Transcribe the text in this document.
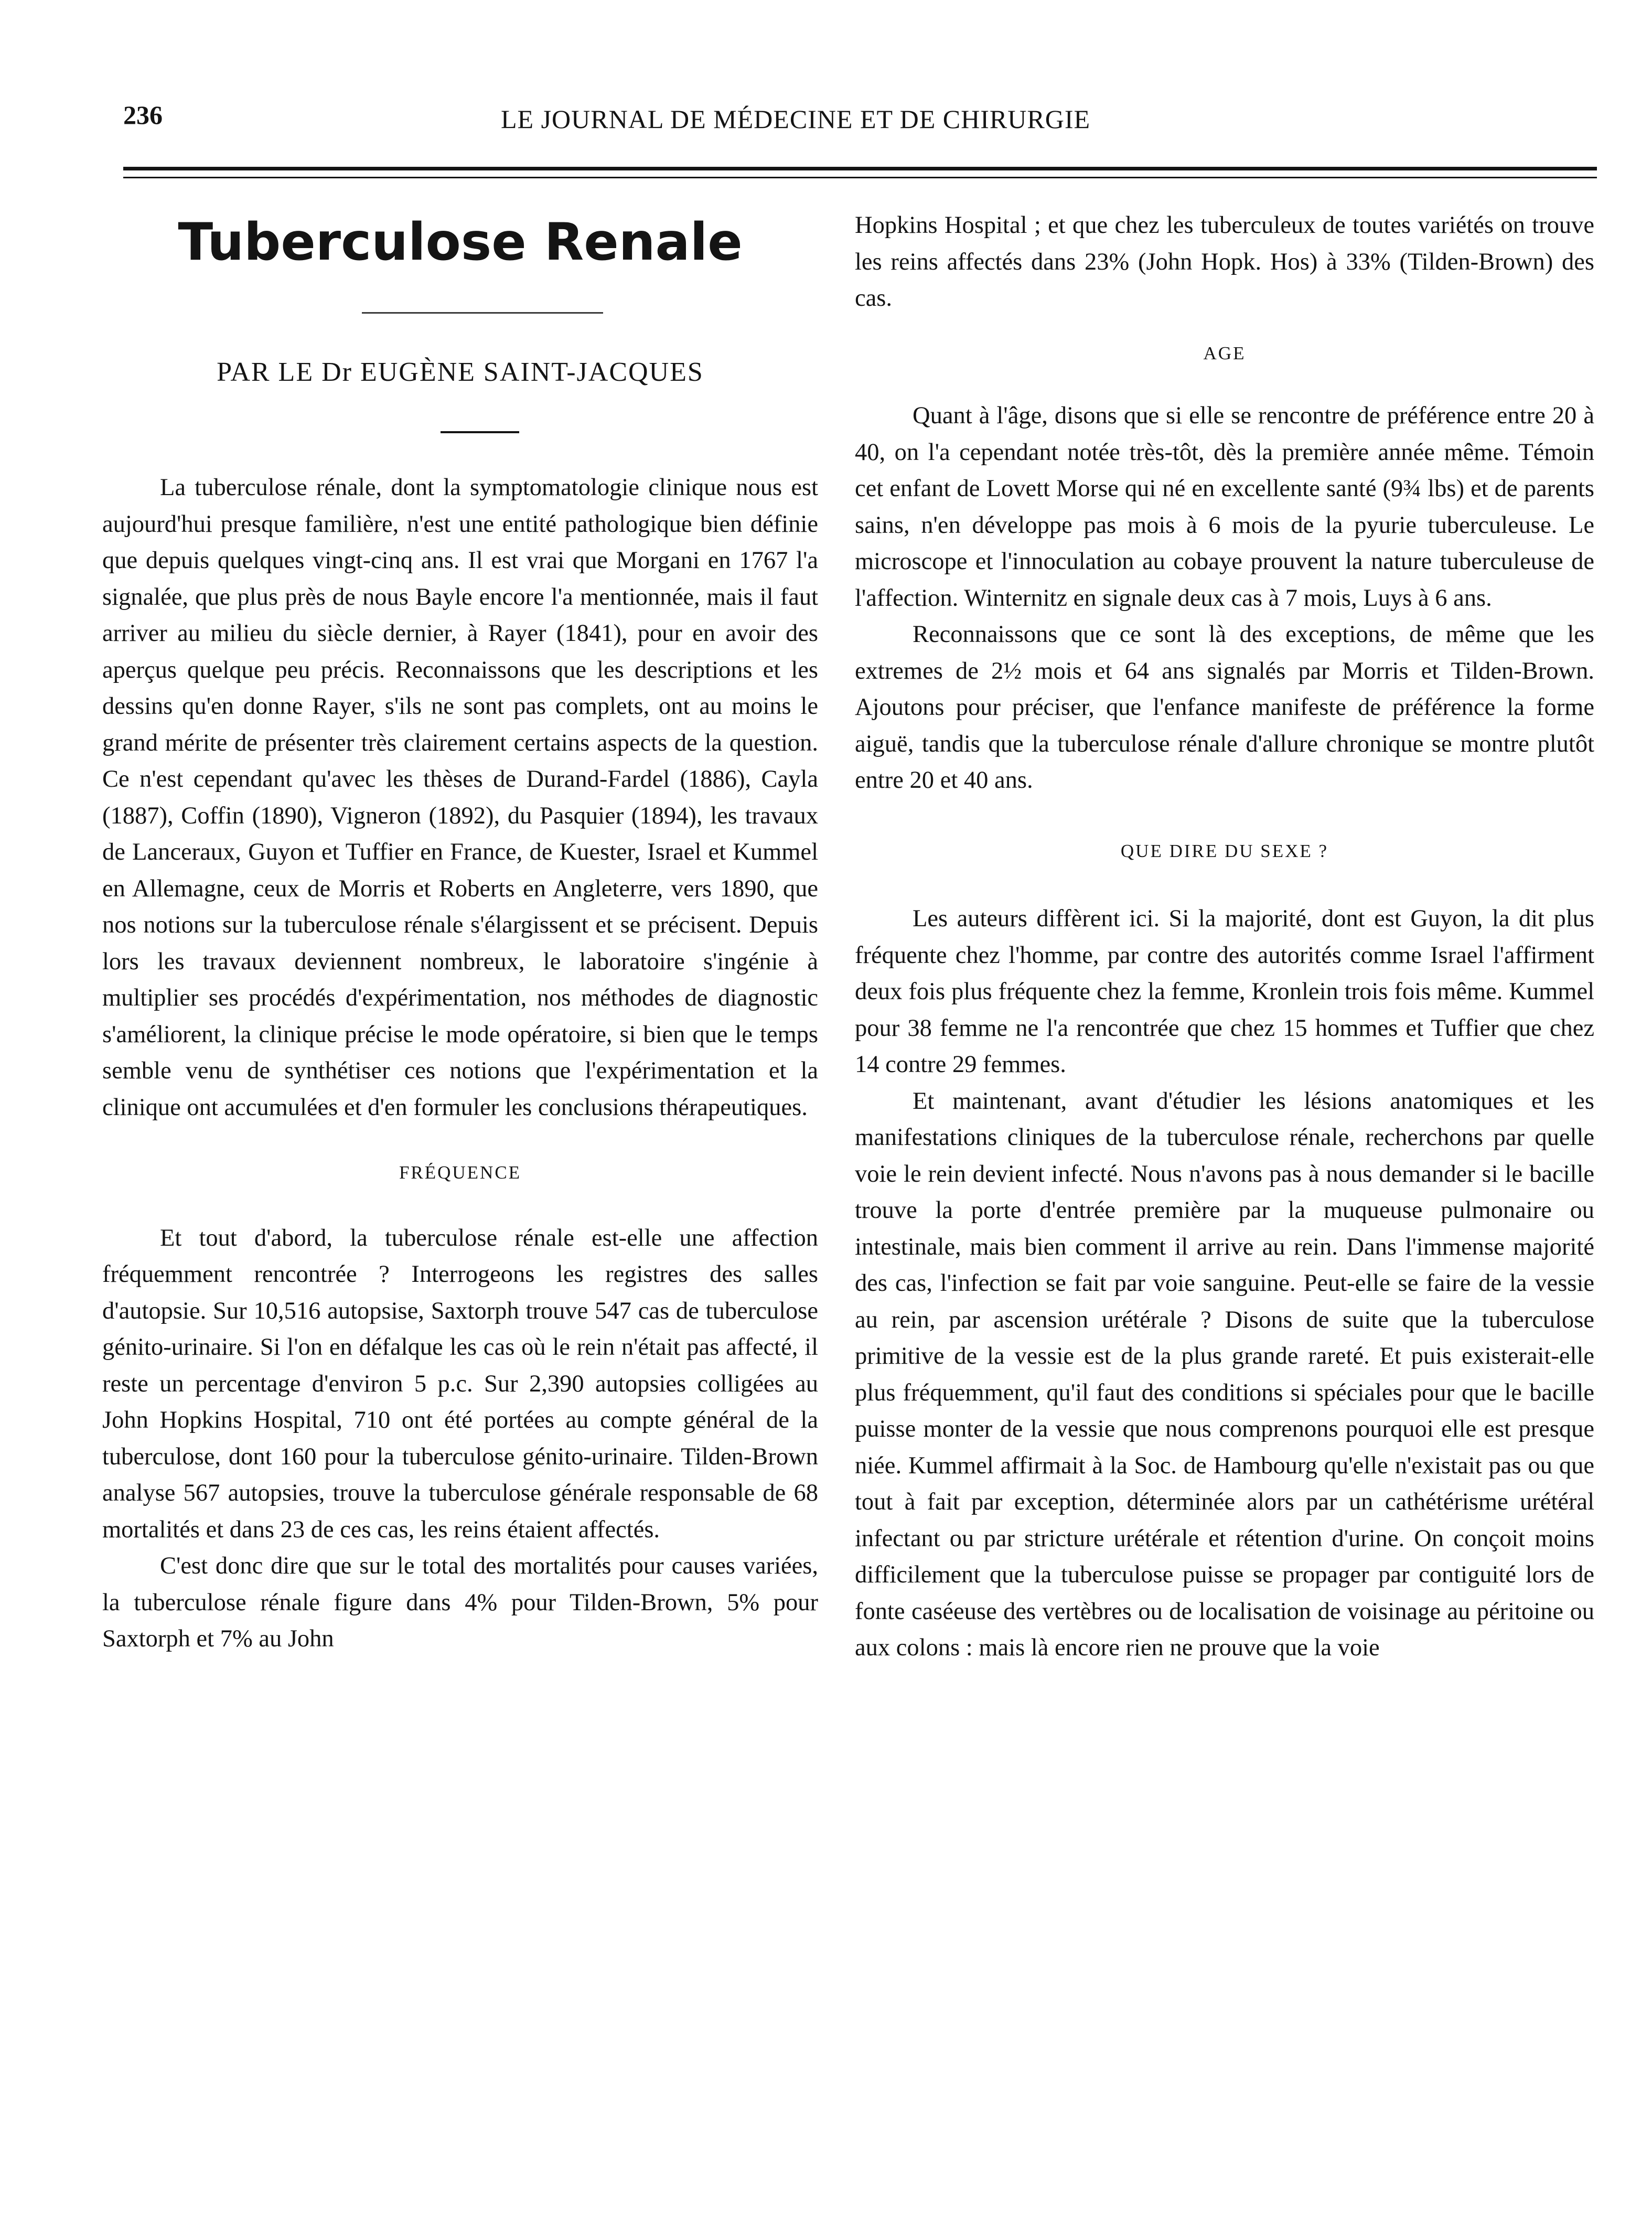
236	LE JOURNAL DE MÉDECINE ET DE CHIRURGIE
Tuberculose Renale
PAR LE Dr EUGÈNE SAINT-JACQUES

La tuberculose rénale, dont la symptomatologie clinique nous est aujourd'hui presque familière, n'est une entité pathologique bien définie que depuis quelques vingt-cinq ans. Il est vrai que Morgani en 1767 l'a signalée, que plus près de nous Bayle encore l'a mentionnée, mais il faut arriver au milieu du siècle dernier, à Rayer (1841), pour en avoir des aperçus quelque peu précis. Reconnaissons que les descriptions et les dessins qu'en donne Rayer, s'ils ne sont pas complets, ont au moins le grand mérite de présenter très clairement certains aspects de la question. Ce n'est cependant qu'avec les thèses de Durand-Fardel (1886), Cayla (1887), Coffin (1890), Vigneron (1892), du Pasquier (1894), les travaux de Lanceraux, Guyon et Tuffier en France, de Kuester, Israel et Kummel en Allemagne, ceux de Morris et Roberts en Angleterre, vers 1890, que nos notions sur la tuberculose rénale s'élargissent et se précisent. Depuis lors les travaux deviennent nombreux, le laboratoire s'ingénie à multiplier ses procédés d'expérimentation, nos méthodes de diagnostic s'améliorent, la clinique précise le mode opératoire, si bien que le temps semble venu de synthétiser ces notions que l'expérimentation et la clinique ont accumulées et d'en formuler les conclusions thérapeutiques.

FRÉQUENCE

Et tout d'abord, la tuberculose rénale est-elle une affection fréquemment rencontrée ? Interrogeons les registres des salles d'autopsie. Sur 10,516 autopsise, Saxtorph trouve 547 cas de tuberculose génito-urinaire. Si l'on en défalque les cas où le rein n'était pas affecté, il reste un percentage d'environ 5 p.c. Sur 2,390 autopsies colligées au John Hopkins Hospital, 710 ont été portées au compte général de la tuberculose, dont 160 pour la tuberculose génito-urinaire. Tilden-Brown analyse 567 autopsies, trouve la tuberculose générale responsable de 68 mortalités et dans 23 de ces cas, les reins étaient affectés.

C'est donc dire que sur le total des mortalités pour causes variées, la tuberculose rénale figure dans 4% pour Tilden-Brown, 5% pour Saxtorph et 7% au John

Hopkins Hospital ; et que chez les tuberculeux de toutes variétés on trouve les reins affectés dans 23% (John Hopk. Hos) à 33% (Tilden-Brown) des cas.

AGE

Quant à l'âge, disons que si elle se rencontre de préférence entre 20 à 40, on l'a cependant notée très-tôt, dès la première année même. Témoin cet enfant de Lovett Morse qui né en excellente santé (9¾ lbs) et de parents sains, n'en développe pas mois à 6 mois de la pyurie tuberculeuse. Le microscope et l'innoculation au cobaye prouvent la nature tuberculeuse de l'affection. Winternitz en signale deux cas à 7 mois, Luys à 6 ans.

Reconnaissons que ce sont là des exceptions, de même que les extremes de 2½ mois et 64 ans signalés par Morris et Tilden-Brown. Ajoutons pour préciser, que l'enfance manifeste de préférence la forme aiguë, tandis que la tuberculose rénale d'allure chronique se montre plutôt entre 20 et 40 ans.

QUE DIRE DU SEXE ?

Les auteurs diffèrent ici. Si la majorité, dont est Guyon, la dit plus fréquente chez l'homme, par contre des autorités comme Israel l'affirment deux fois plus fréquente chez la femme, Kronlein trois fois même. Kummel pour 38 femme ne l'a rencontrée que chez 15 hommes et Tuffier que chez 14 contre 29 femmes.

Et maintenant, avant d'étudier les lésions anatomiques et les manifestations cliniques de la tuberculose rénale, recherchons par quelle voie le rein devient infecté. Nous n'avons pas à nous demander si le bacille trouve la porte d'entrée première par la muqueuse pulmonaire ou intestinale, mais bien comment il arrive au rein. Dans l'immense majorité des cas, l'infection se fait par voie sanguine. Peut-elle se faire de la vessie au rein, par ascension urétérale ? Disons de suite que la tuberculose primitive de la vessie est de la plus grande rareté. Et puis existerait-elle plus fréquemment, qu'il faut des conditions si spéciales pour que le bacille puisse monter de la vessie que nous comprenons pourquoi elle est presque niée. Kummel affirmait à la Soc. de Hambourg qu'elle n'existait pas ou que tout à fait par exception, déterminée alors par un cathétérisme urétéral infectant ou par stricture urétérale et rétention d'urine. On conçoit moins difficilement que la tuberculose puisse se propager par contiguité lors de fonte caséeuse des vertèbres ou de localisation de voisinage au péritoine ou aux colons : mais là encore rien ne prouve que la voie
